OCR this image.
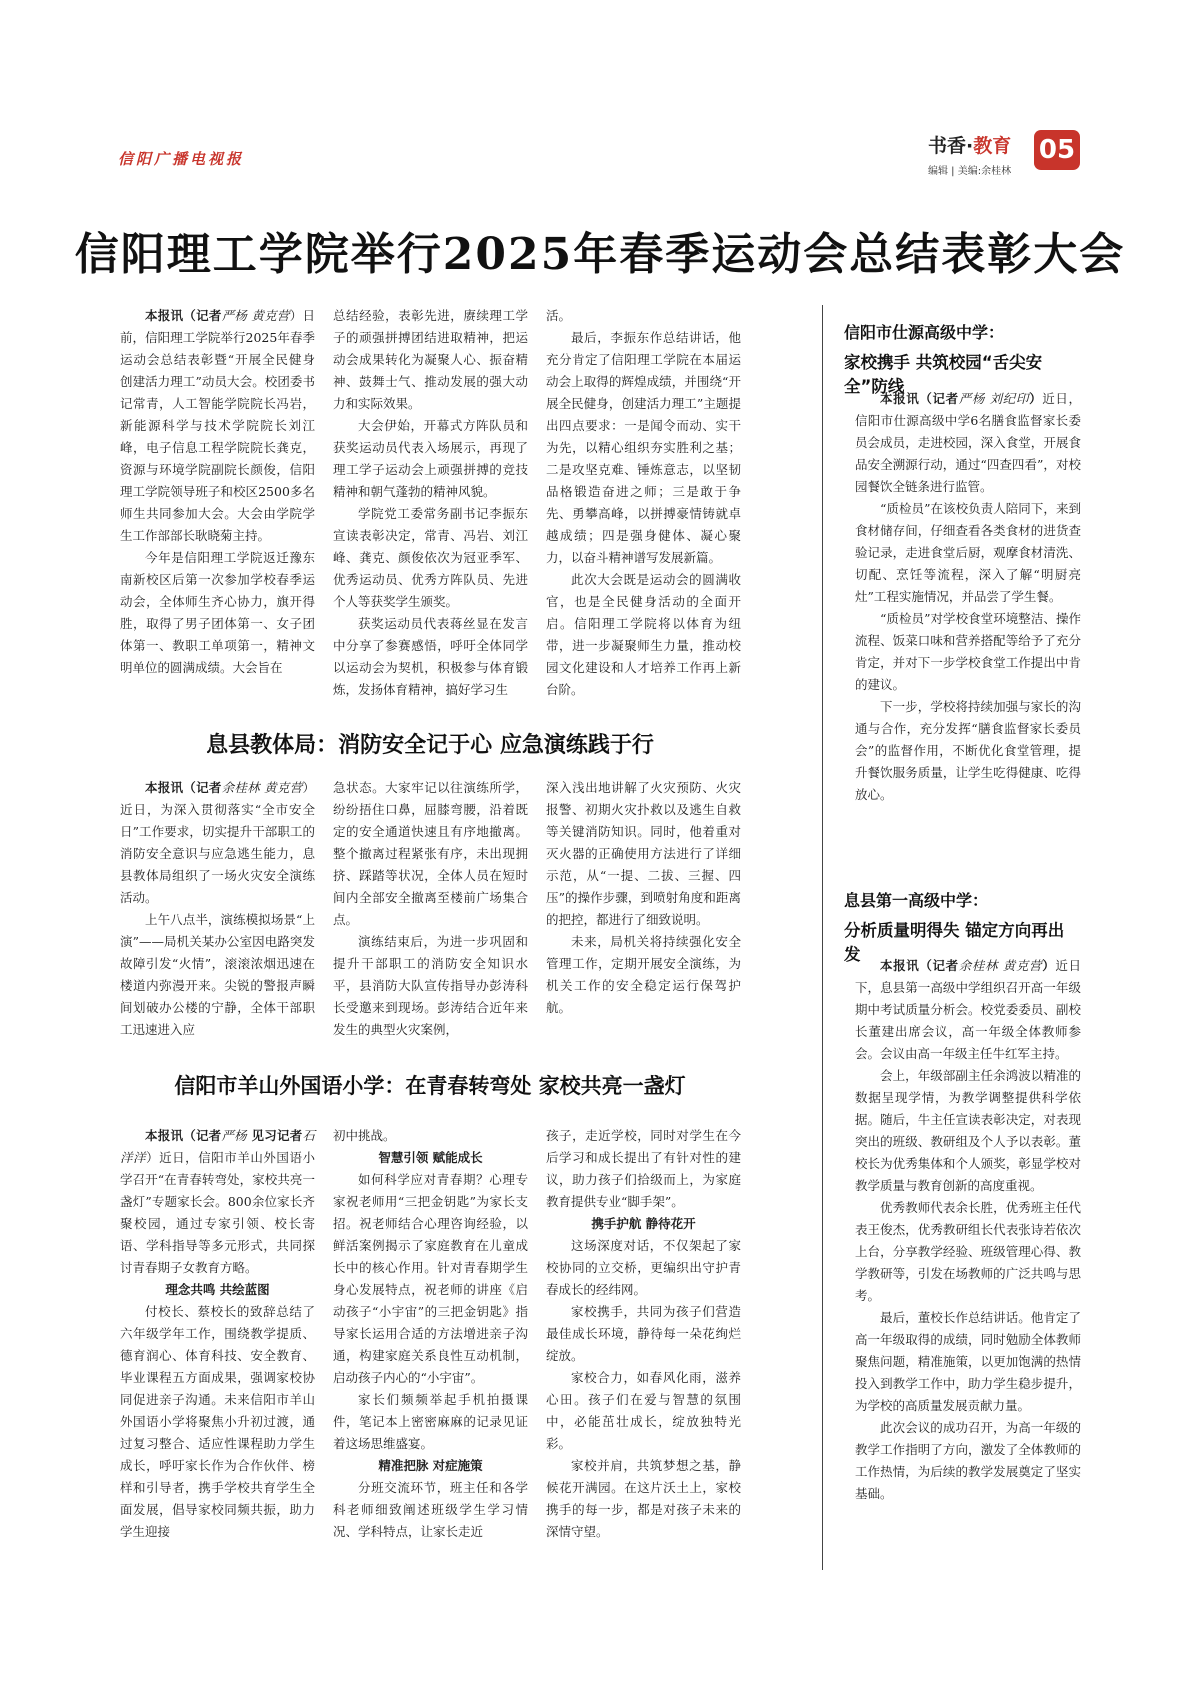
信阳广播电视报
书香·教育
编辑 | 美编:余桂林
05
信阳理工学院举行2025年春季运动会总结表彰大会

本报讯（记者严杨 黄克营）日前，信阳理工学院举行2025年春季运动会总结表彰暨“开展全民健身 创建活力理工”动员大会。校团委书记常青，人工智能学院院长冯岩，新能源科学与技术学院院长刘江峰，电子信息工程学院院长龚克，资源与环境学院副院长颜俊，信阳理工学院领导班子和校区2500多名师生共同参加大会。大会由学院学生工作部部长耿晓菊主持。

今年是信阳理工学院返迁豫东南新校区后第一次参加学校春季运动会，全体师生齐心协力，旗开得胜，取得了男子团体第一、女子团体第一、教职工单项第一，精神文明单位的圆满成绩。大会旨在

总结经验，表彰先进，赓续理工学子的顽强拼搏团结进取精神，把运动会成果转化为凝聚人心、振奋精神、鼓舞士气、推动发展的强大动力和实际效果。

大会伊始，开幕式方阵队员和获奖运动员代表入场展示，再现了理工学子运动会上顽强拼搏的竞技精神和朝气蓬勃的精神风貌。

学院党工委常务副书记李振东宣读表彰决定，常青、冯岩、刘江峰、龚克、颜俊依次为冠亚季军、优秀运动员、优秀方阵队员、先进个人等获奖学生颁奖。

获奖运动员代表蒋丝显在发言中分享了参赛感悟，呼吁全体同学以运动会为契机，积极参与体育锻炼，发扬体育精神，搞好学习生

活。

最后，李振东作总结讲话，他充分肯定了信阳理工学院在本届运动会上取得的辉煌成绩，并围绕“开展全民健身，创建活力理工”主题提出四点要求：一是闻令而动、实干为先，以精心组织夯实胜利之基；二是攻坚克难、锤炼意志，以坚韧品格锻造奋进之师；三是敢于争先、勇攀高峰，以拼搏豪情铸就卓越成绩；四是强身健体、凝心聚力，以奋斗精神谱写发展新篇。

此次大会既是运动会的圆满收官，也是全民健身活动的全面开启。信阳理工学院将以体育为纽带，进一步凝聚师生力量，推动校园文化建设和人才培养工作再上新台阶。

息县教体局：消防安全记于心 应急演练践于行

本报讯（记者余桂林 黄克营）近日，为深入贯彻落实“全市安全日”工作要求，切实提升干部职工的消防安全意识与应急逃生能力，息县教体局组织了一场火灾安全演练活动。

上午八点半，演练模拟场景“上演”——局机关某办公室因电路突发故障引发“火情”，滚滚浓烟迅速在楼道内弥漫开来。尖锐的警报声瞬间划破办公楼的宁静，全体干部职工迅速进入应

急状态。大家牢记以往演练所学，纷纷捂住口鼻，屈膝弯腰，沿着既定的安全通道快速且有序地撤离。整个撤离过程紧张有序，未出现拥挤、踩踏等状况，全体人员在短时间内全部安全撤离至楼前广场集合点。

演练结束后，为进一步巩固和提升干部职工的消防安全知识水平，县消防大队宣传指导办彭涛科长受邀来到现场。彭涛结合近年来发生的典型火灾案例，

深入浅出地讲解了火灾预防、火灾报警、初期火灾扑救以及逃生自救等关键消防知识。同时，他着重对灭火器的正确使用方法进行了详细示范，从“一提、二拔、三握、四压”的操作步骤，到喷射角度和距离的把控，都进行了细致说明。

未来，局机关将持续强化安全管理工作，定期开展安全演练，为机关工作的安全稳定运行保驾护航。

信阳市羊山外国语小学：在青春转弯处 家校共亮一盏灯

本报讯（记者严杨 见习记者石洋洋）近日，信阳市羊山外国语小学召开“在青春转弯处，家校共亮一盏灯”专题家长会。800余位家长齐聚校园，通过专家引领、校长寄语、学科指导等多元形式，共同探讨青春期子女教育方略。

理念共鸣 共绘蓝图

付校长、蔡校长的致辞总结了六年级学年工作，围绕教学提质、德育润心、体育科技、安全教育、毕业课程五方面成果，强调家校协同促进亲子沟通。未来信阳市羊山外国语小学将聚焦小升初过渡，通过复习整合、适应性课程助力学生成长，呼吁家长作为合作伙伴、榜样和引导者，携手学校共育学生全面发展，倡导家校同频共振，助力学生迎接

初中挑战。

智慧引领 赋能成长

如何科学应对青春期？心理专家祝老师用“三把金钥匙”为家长支招。祝老师结合心理咨询经验，以鲜活案例揭示了家庭教育在儿童成长中的核心作用。针对青春期学生身心发展特点，祝老师的讲座《启动孩子“小宇宙”的三把金钥匙》指导家长运用合适的方法增进亲子沟通，构建家庭关系良性互动机制，启动孩子内心的“小宇宙”。

家长们频频举起手机拍摄课件，笔记本上密密麻麻的记录见证着这场思维盛宴。

精准把脉 对症施策

分班交流环节，班主任和各学科老师细致阐述班级学生学习情况、学科特点，让家长走近

孩子，走近学校，同时对学生在今后学习和成长提出了有针对性的建议，助力孩子们拾级而上，为家庭教育提供专业“脚手架”。

携手护航 静待花开

这场深度对话，不仅架起了家校协同的立交桥，更编织出守护青春成长的经纬网。

家校携手，共同为孩子们营造最佳成长环境，静待每一朵花绚烂绽放。

家校合力，如春风化雨，滋养心田。孩子们在爱与智慧的氛围中，必能茁壮成长，绽放独特光彩。

家校并肩，共筑梦想之基，静候花开满园。在这片沃土上，家校携手的每一步，都是对孩子未来的深情守望。

信阳市仕源高级中学：
家校携手 共筑校园“舌尖安全”防线

本报讯（记者严杨 刘纪印）近日，信阳市仕源高级中学6名膳食监督家长委员会成员，走进校园，深入食堂，开展食品安全溯源行动，通过“四查四看”，对校园餐饮全链条进行监管。

“质检员”在该校负责人陪同下，来到食材储存间，仔细查看各类食材的进货查验记录，走进食堂后厨，观摩食材清洗、切配、烹饪等流程，深入了解“明厨亮灶”工程实施情况，并品尝了学生餐。

“质检员”对学校食堂环境整洁、操作流程、饭菜口味和营养搭配等给予了充分肯定，并对下一步学校食堂工作提出中肯的建议。

下一步，学校将持续加强与家长的沟通与合作，充分发挥“膳食监督家长委员会”的监督作用，不断优化食堂管理，提升餐饮服务质量，让学生吃得健康、吃得放心。

息县第一高级中学：
分析质量明得失 锚定方向再出发

本报讯（记者余桂林 黄克营）近日下，息县第一高级中学组织召开高一年级期中考试质量分析会。校党委委员、副校长董建出席会议，高一年级全体教师参会。会议由高一年级主任牛红军主持。

会上，年级部副主任余鸿波以精准的数据呈现学情，为教学调整提供科学依据。随后，牛主任宣读表彰决定，对表现突出的班级、教研组及个人予以表彰。董校长为优秀集体和个人颁奖，彰显学校对教学质量与教育创新的高度重视。

优秀教师代表余长胜，优秀班主任代表王俊杰，优秀教研组长代表张诗若依次上台，分享教学经验、班级管理心得、教学教研等，引发在场教师的广泛共鸣与思考。

最后，董校长作总结讲话。他肯定了高一年级取得的成绩，同时勉励全体教师聚焦问题，精准施策，以更加饱满的热情投入到教学工作中，助力学生稳步提升，为学校的高质量发展贡献力量。

此次会议的成功召开，为高一年级的教学工作指明了方向，激发了全体教师的工作热情，为后续的教学发展奠定了坚实基础。
